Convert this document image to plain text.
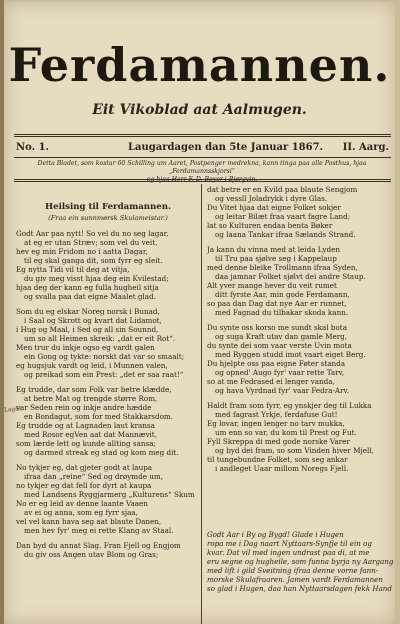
Ferdamannen.
Eit Vikoblad aat Aalmugen.
No. 1.	Laugardagen dan 5te Januar 1867. II. Aarg.
Detta Bladet, som kostar 60 Schilling um Aaret, Postpenger medrekna, kann tinga paa alle Posthus, hjaa „Ferdamannsskjorsi“
og hjaa Herr F. D. Beyer i Bjørgvin.
Heilsing til Ferdamannen.
(Fraa ein sunnmørsk Skulameistar.)
Godt Aar paa nytt! So vel du no seg lagar,
at eg er utan Stræv; som vel du veit,
hev eg min Fridom no i aatta Dagar,
til eg skal ganga dit, som fyrr eg sleit.
Eg nytta Tidi vil til deg at vitja,
du giv meg visst hjaa deg ein Kvilestad;
hjaa deg der kann eg fulla hugheil sitja
og svalla paa dat eigne Maalet glad.
Som du eg elskar Noreg norsk i Bunad,
i Saal og Skrott og kvart dat Lidamot,
i Hug og Maal, i Sed og all sin Sounnd,
um so all Heimen skreik: „dat er eit Rot“.
Men trur du inkje ogso eg vardt galen
ein Gong og tykte: norskt dat var so smaalt;
eg hugsjuk vardt og leid, i Munnen valen,
og preikad som ein Prest: „det er saa raat!“
Eg trudde, dar som Folk var betre klædde,
at betre Mat og trengde større Rom,
var Seden rein og inkje andre hædde
en Bondagut, som for med Stakkarsdom.
Eg trudde og at Lagnaden laut kransa
med Rosor egVen aat dat Mannævit,
som lærde lett og kunde allting sansa;
og darmed streak eg stad og kom meg dit.
No tykjer eg, dat gjeter godt at laupa
ifraa dan „reine“ Sed og drøymde um,
no tykjer eg dat fell for dyrt at kaupa
med Landsens Ryggjarmerg „Kulturens“ Skum
No er eg leid av denne laante Vaaen
av ei og anna, som eg fyrr sjaa,
vel vel kann hava seg aat blaute Danen,
men hev fyr' meg ei rette Klang av Staal.
Dan byd du annat Slag. Fran Fjell og Engjom
du giv oss Angen utav Blom og Gras;
dat betre er en Kvild paa blaute Sengjom
og vessll Joladrykk i dyre Glas.
Du Vitet hjaa dat eigne Folket sokjer
og leitar Bilæt fraa vaart fagre Land;
lat so Kulturen endaa benta Bøker
og laana Tankar ifraa Sælands Strand.
Ja kann du vinna med at leida Lyden
til Tru paa sjølve seg i Kappelaup
med denne bleike Trollmann ifraa Syden,
daa jamnar Folket sjølvt dei andre Staup.
Alt yver mange hever du veit rumet
ditt fyrste Aar, min gode Ferdamann,
so paa dan Dag dat nye Aar er runnet,
med Fagnad du tilbakar skoda kann.
Du synte oss korso me sundt skal bota
og suga Kraft utav dan gamle Merg,
du synte dei som vaar verste Uvin mota
med Ryggen studd imot vaart eiget Berg.
Du hjelpte oss paa eigne Føter standa
og opned' Augo fyr' vaar rette Tarv,
so at me Fedrased ei lenger vanda,
og hava Vyrdnad fyr' vaar Fedra-Arv.
Haldt fram som fyrr, eg ynskjer deg til Lukka
med fagrast Yrkje, ferdafuse Gut!
Eg lovar, ingen lenger no tarv mukka,
um enn so var, du kom til Prest og Fut.
Fyll Skreppa di med gode norske Varer
og byd dei fram, so som Vinden hiver Mjell,
til tungebundne Folket, som seg ankar
i andleget Uaar millom Noregs Fjell.
Godt Aar i By og Bygd! Glade i Hugen
ropa me i Dag naart Nyttaars-Synfje til ein og
kvar. Dat vil med ingen undrast paa di, at me
eru segne og hugheile, som funna byrja ny Aargang
med lift i gild Sveitning ifraa denne vorne fann-
morske Skulafraaren. Jamen vardt Ferdamannen
so glad i Hugen, daa han Nyttaarsdagen fekk Hand
Lagos
